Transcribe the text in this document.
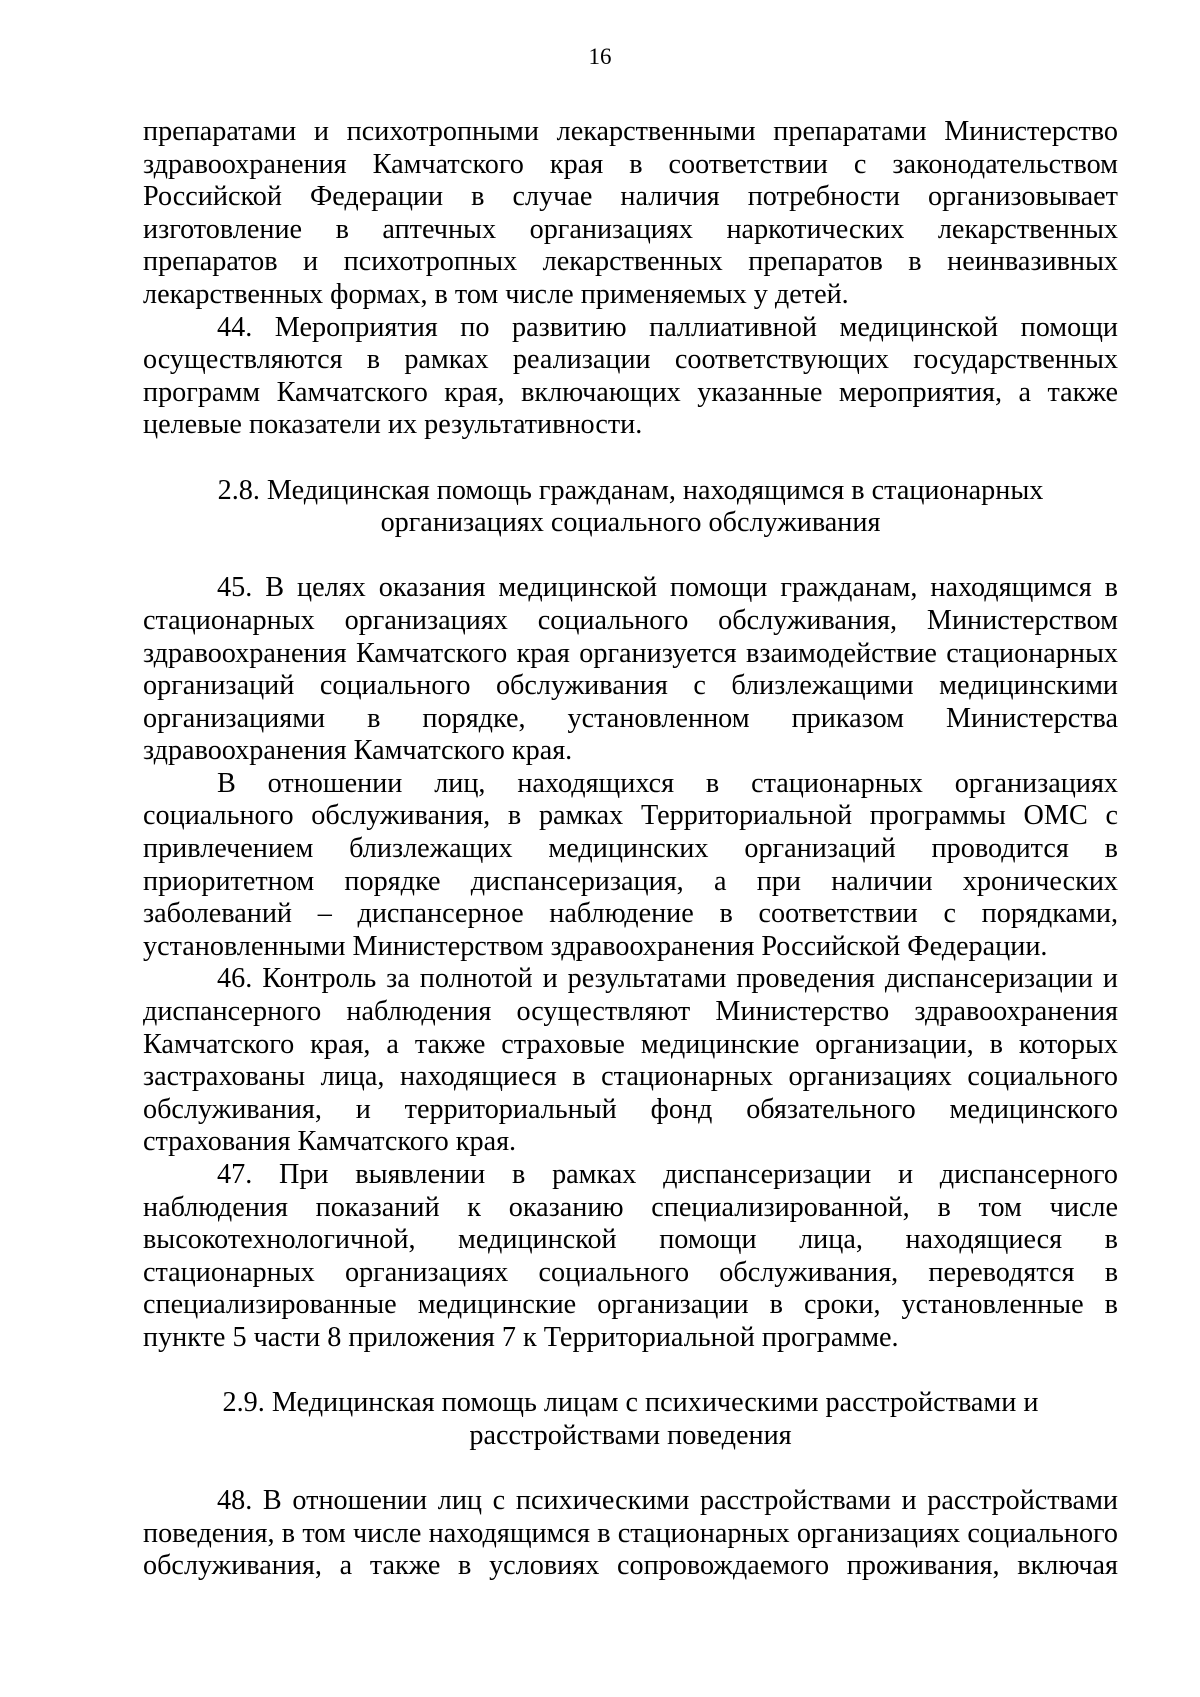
16

препаратами и психотропными лекарственными препаратами Министерство здравоохранения Камчатского края в соответствии с законодательством Российской Федерации в случае наличия потребности организовывает изготовление в аптечных организациях наркотических лекарственных препаратов и психотропных лекарственных препаратов в неинвазивных лекарственных формах, в том числе применяемых у детей.

44. Мероприятия по развитию паллиативной медицинской помощи осуществляются в рамках реализации соответствующих государственных программ Камчатского края, включающих указанные мероприятия, а также целевые показатели их результативности.

2.8. Медицинская помощь гражданам, находящимся в стационарных
организациях социального обслуживания

45. В целях оказания медицинской помощи гражданам, находящимся в стационарных организациях социального обслуживания, Министерством здравоохранения Камчатского края организуется взаимодействие стационарных организаций социального обслуживания с близлежащими медицинскими организациями в порядке, установленном приказом Министерства здравоохранения Камчатского края.

В отношении лиц, находящихся в стационарных организациях социального обслуживания, в рамках Территориальной программы ОМС с привлечением близлежащих медицинских организаций проводится в приоритетном порядке диспансеризация, а при наличии хронических заболеваний – диспансерное наблюдение в соответствии с порядками, установленными Министерством здравоохранения Российской Федерации.

46. Контроль за полнотой и результатами проведения диспансеризации и диспансерного наблюдения осуществляют Министерство здравоохранения Камчатского края, а также страховые медицинские организации, в которых застрахованы лица, находящиеся в стационарных организациях социального обслуживания, и территориальный фонд обязательного медицинского страхования Камчатского края.

47. При выявлении в рамках диспансеризации и диспансерного наблюдения показаний к оказанию специализированной, в том числе высокотехнологичной, медицинской помощи лица, находящиеся в стационарных организациях социального обслуживания, переводятся в специализированные медицинские организации в сроки, установленные в пункте 5 части 8 приложения 7 к Территориальной программе.

2.9. Медицинская помощь лицам с психическими расстройствами и
расстройствами поведения

48. В отношении лиц с психическими расстройствами и расстройствами поведения, в том числе находящимся в стационарных организациях социального обслуживания, а также в условиях сопровождаемого проживания, включая
